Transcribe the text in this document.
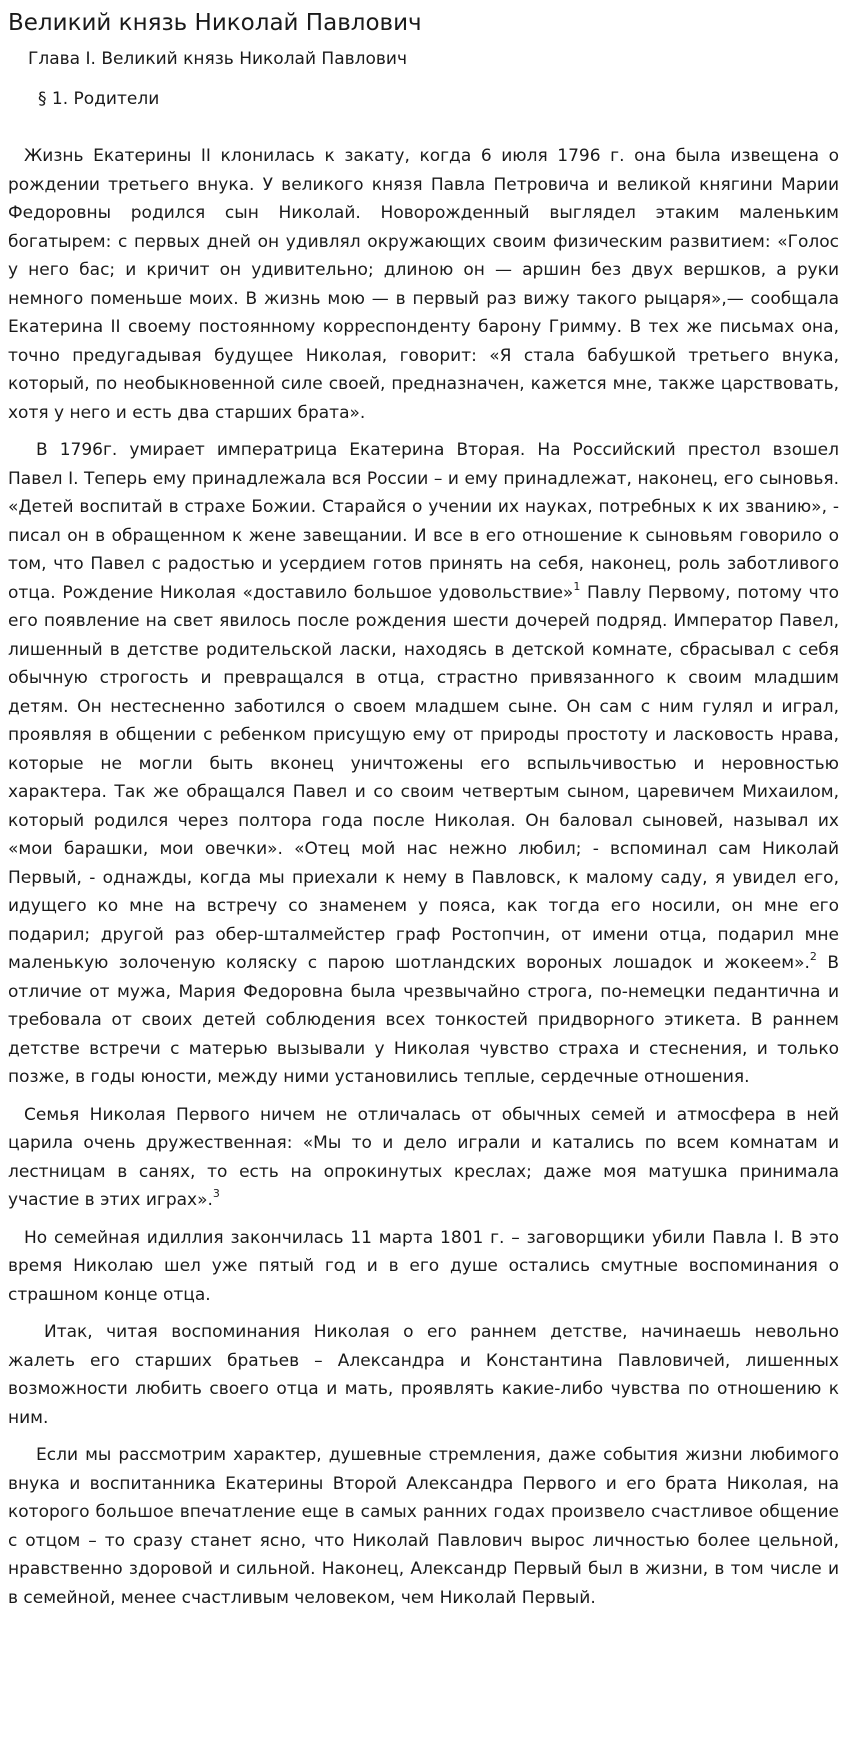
Великий князь Николай Павлович
Глава I. Великий князь Николай Павлович
§ 1. Родители

Жизнь Екатерины II клонилась к закату, когда 6 июля 1796 г. она была извещена о рождении третьего внука. У великого князя Павла Петровича и великой княгини Марии Федоровны родился сын Николай. Новорожденный выглядел этаким маленьким богатырем: с первых дней он удивлял окружающих своим физическим развитием: «Голос у него бас; и кричит он удивительно; длиною он — аршин без двух вершков, а руки немного поменьше моих. В жизнь мою — в первый раз вижу такого рыцаря»,— сообщала Екатерина II своему постоянному корреспонденту барону Гримму. В тех же письмах она, точно предугадывая будущее Николая, говорит: «Я стала бабушкой третьего внука, который, по необыкновенной силе своей, предназначен, кажется мне, также царствовать, хотя у него и есть два старших брата».

В 1796г. умирает императрица Екатерина Вторая. На Российский престол взошел Павел I. Теперь ему принадлежала вся России – и ему принадлежат, наконец, его сыновья. «Детей воспитай в страхе Божии. Старайся о учении их науках, потребных к их званию», - писал он в обращенном к жене завещании. И все в его отношение к сыновьям говорило о том, что Павел с радостью и усердием готов принять на себя, наконец, роль заботливого отца. Рождение Николая «доставило большое удовольствие»$^1$ Павлу Первому, потому что его появление на свет явилось после рождения шести дочерей подряд. Император Павел, лишенный в детстве родительской ласки, находясь в детской комнате, сбрасывал с себя обычную строгость и превращался в отца, страстно привязанного к своим младшим детям. Он нестесненно заботился о своем младшем сыне. Он сам с ним гулял и играл, проявляя в общении с ребенком присущую ему от природы простоту и ласковость нрава, которые не могли быть вконец уничтожены его вспыльчивостью и неровностью характера. Так же обращался Павел и со своим четвертым сыном, царевичем Михаилом, который родился через полтора года после Николая. Он баловал сыновей, называл их «мои барашки, мои овечки». «Отец мой нас нежно любил; - вспоминал сам Николай Первый, - однажды, когда мы приехали к нему в Павловск, к малому саду, я увидел его, идущего ко мне на встречу со знаменем у пояса, как тогда его носили, он мне его подарил; другой раз обер-шталмейстер граф Ростопчин, от имени отца, подарил мне маленькую золоченую коляску с парою шотландских вороных лошадок и жокеем».$^2$ В отличие от мужа, Мария Федоровна была чрезвычайно строга, по-немецки педантична и требовала от своих детей соблюдения всех тонкостей придворного этикета. В раннем детстве встречи с матерью вызывали у Николая чувство страха и стеснения, и только позже, в годы юности, между ними установились теплые, сердечные отношения.

Семья Николая Первого ничем не отличалась от обычных семей и атмосфера в ней царила очень дружественная: «Мы то и дело играли и катались по всем комнатам и лестницам в санях, то есть на опрокинутых креслах; даже моя матушка принимала участие в этих играх».$^3$

Но семейная идиллия закончилась 11 марта 1801 г. – заговорщики убили Павла I. В это время Николаю шел уже пятый год и в его душе остались смутные воспоминания о страшном конце отца.

Итак, читая воспоминания Николая о его раннем детстве, начинаешь невольно жалеть его старших братьев – Александра и Константина Павловичей, лишенных возможности любить своего отца и мать, проявлять какие-либо чувства по отношению к ним.

Если мы рассмотрим характер, душевные стремления, даже события жизни любимого внука и воспитанника Екатерины Второй Александра Первого и его брата Николая, на которого большое впечатление еще в самых ранних годах произвело счастливое общение с отцом – то сразу станет ясно, что Николай Павлович вырос личностью более цельной, нравственно здоровой и сильной. Наконец, Александр Первый был в жизни, в том числе и в семейной, менее счастливым человеком, чем Николай Первый.
